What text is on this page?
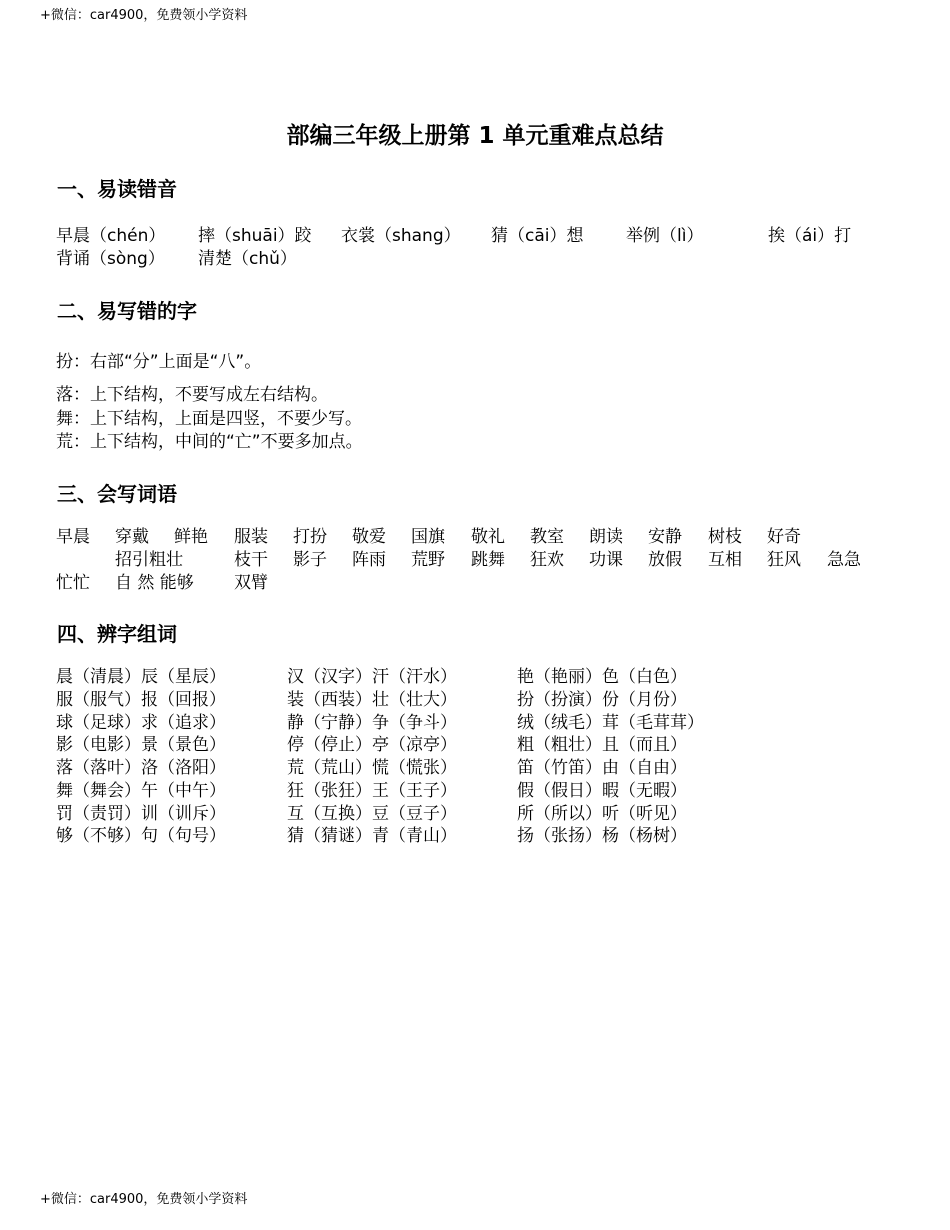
+微信：car4900，免费领小学资料
部编三年级上册第 1 单元重难点总结
一、易读错音
早晨（chén） 摔（shuāi）跤 衣裳（shang） 猜（cāi）想	举例（lì）	挨（ái）打
背诵（sòng） 清楚（chǔ）
二、易写错的字
扮：右部“分”上面是“八”。
落：上下结构，不要写成左右结构。
舞：上下结构，上面是四竖，不要少写。
荒：上下结构，中间的“亡”不要多加点。
三、会写词语
早晨 穿戴 鲜艳 服装 打扮 敬爱 国旗 敬礼 教室 朗读 安静 树枝 好奇
招引粗壮	枝干 影子 阵雨 荒野 跳舞 狂欢 功课 放假 互相 狂风 急急
忙忙 自 然 能够 双臂
四、辨字组词
晨（清晨）辰（星辰）	汉（汉字）汗（汗水）	艳（艳丽）色（白色）
服（服气）报（回报）	装（西装）壮（壮大）	扮（扮演）份（月份）
球（足球）求（追求）	静（宁静）争（争斗）	绒（绒毛）茸（毛茸茸）
影（电影）景（景色）	停（停止）亭（凉亭）	粗（粗壮）且（而且）
落（落叶）洛（洛阳）	荒（荒山）慌（慌张）	笛（竹笛）由（自由）
舞（舞会）午（中午）	狂（张狂）王（王子）	假（假日）暇（无暇）
罚（责罚）训（训斥）	互（互换）豆（豆子）	所（所以）听（听见）
够（不够）句（句号）	猜（猜谜）青（青山）	扬（张扬）杨（杨树）
+微信：car4900，免费领小学资料
